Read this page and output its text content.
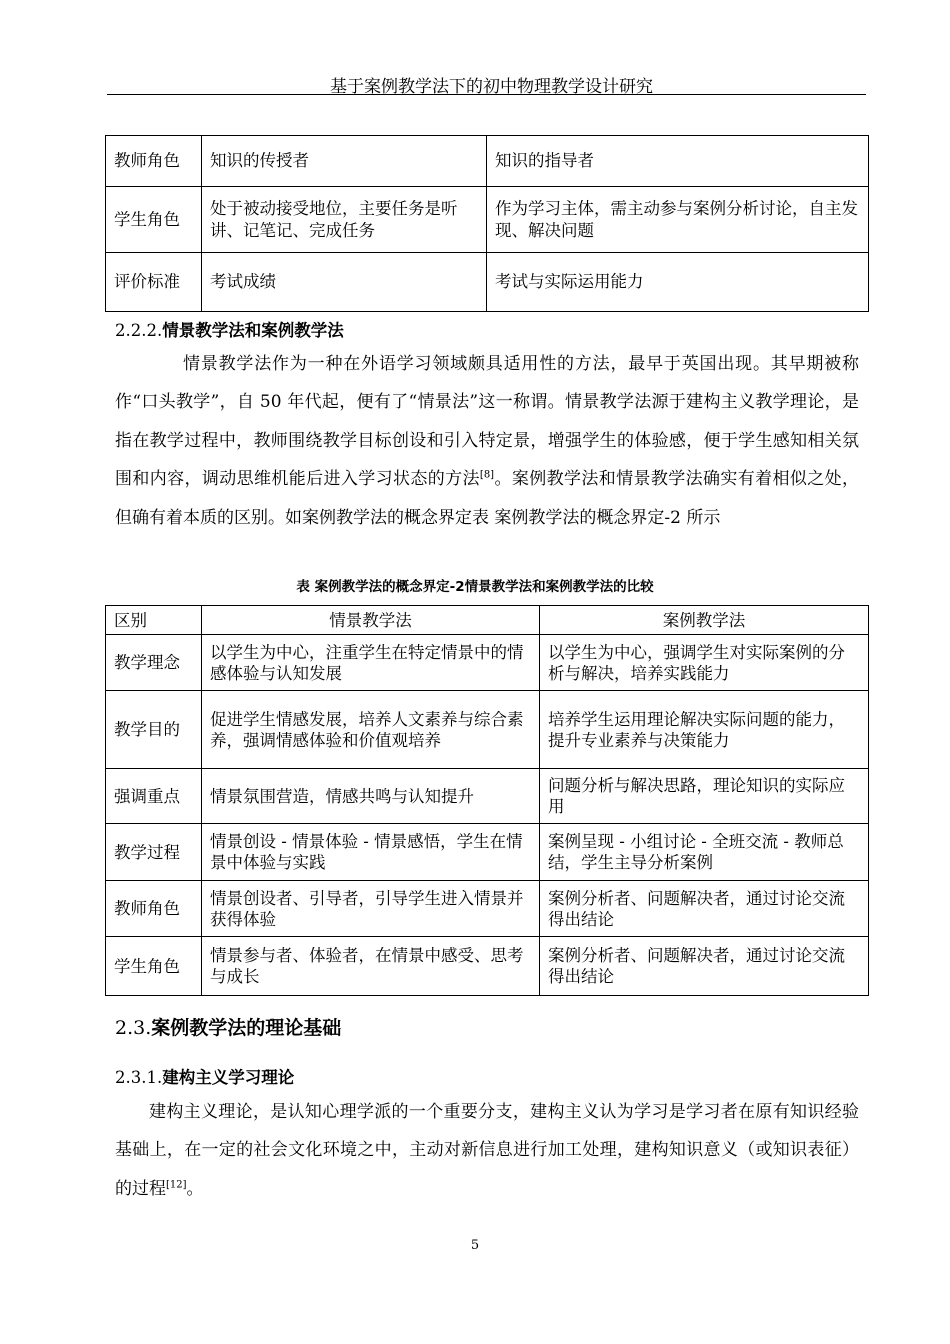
基于案例教学法下的初中物理教学设计研究
教师角色	知识的传授者	知识的指导者
学生角色	处于被动接受地位，主要任务是听讲、记笔记、完成任务	作为学习主体，需主动参与案例分析讨论，自主发现、解决问题
评价标准	考试成绩	考试与实际运用能力
2.2.2.情景教学法和案例教学法

情景教学法作为一种在外语学习领域颇具适用性的方法，最早于英国出现。其早期被称作“口头教学”，自 50 年代起，便有了“情景法”这一称谓。情景教学法源于建构主义教学理论，是指在教学过程中，教师围绕教学目标创设和引入特定景，增强学生的体验感，便于学生感知相关氛围和内容，调动思维机能后进入学习状态的方法[8]。案例教学法和情景教学法确实有着相似之处，但确有着本质的区别。如案例教学法的概念界定表 案例教学法的概念界定-2 所示

表 案例教学法的概念界定-2情景教学法和案例教学法的比较
区别	情景教学法	案例教学法
教学理念	以学生为中心，注重学生在特定情景中的情感体验与认知发展	以学生为中心，强调学生对实际案例的分析与解决，培养实践能力
教学目的	促进学生情感发展，培养人文素养与综合素养，强调情感体验和价值观培养	培养学生运用理论解决实际问题的能力，提升专业素养与决策能力
强调重点	情景氛围营造，情感共鸣与认知提升	问题分析与解决思路，理论知识的实际应用
教学过程	情景创设 - 情景体验 - 情景感悟，学生在情景中体验与实践	案例呈现 - 小组讨论 - 全班交流 - 教师总结，学生主导分析案例
教师角色	情景创设者、引导者，引导学生进入情景并获得体验	案例分析者、问题解决者，通过讨论交流得出结论
学生角色	情景参与者、体验者，在情景中感受、思考与成长	案例分析者、问题解决者，通过讨论交流得出结论
2.3.案例教学法的理论基础
2.3.1.建构主义学习理论

建构主义理论，是认知心理学派的一个重要分支，建构主义认为学习是学习者在原有知识经验基础上，在一定的社会文化环境之中，主动对新信息进行加工处理，建构知识意义（或知识表征）的过程[12]。

5
